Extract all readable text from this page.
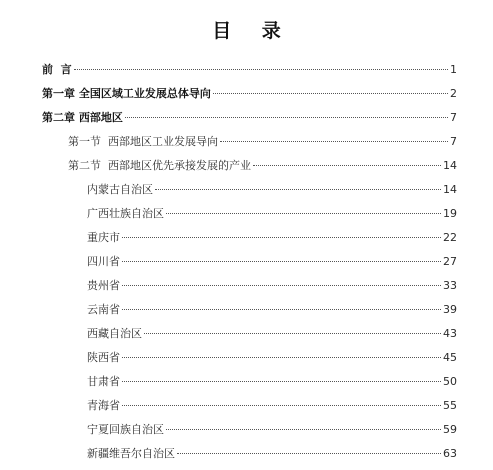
目 录
前  言	1
第一章 全国区域工业发展总体导向	2
第二章 西部地区	7
第一节  西部地区工业发展导向	7
第二节  西部地区优先承接发展的产业	14
内蒙古自治区	14
广西壮族自治区	19
重庆市	22
四川省	27
贵州省	33
云南省	39
西藏自治区	43
陕西省	45
甘肃省	50
青海省	55
宁夏回族自治区	59
新疆维吾尔自治区	63
